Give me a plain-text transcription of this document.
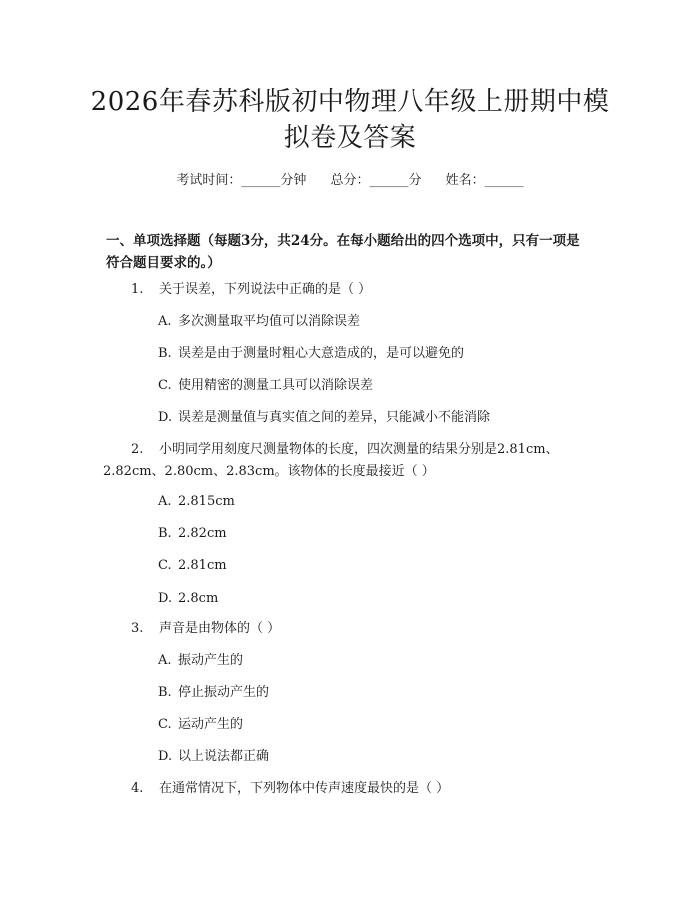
2026年春苏科版初中物理八年级上册期中模
拟卷及答案
考试时间：______分钟 总分：______分 姓名：______
一、单项选择题（每题3分，共24分。在每小题给出的四个选项中，只有一项是
符合题目要求的。）
1. 关于误差，下列说法中正确的是（ ）
A. 多次测量取平均值可以消除误差
B. 误差是由于测量时粗心大意造成的，是可以避免的
C. 使用精密的测量工具可以消除误差
D. 误差是测量值与真实值之间的差异，只能减小不能消除
2. 小明同学用刻度尺测量物体的长度，四次测量的结果分别是2.81cm、
2.82cm、2.80cm、2.83cm。该物体的长度最接近（ ）
A. 2.815cm
B. 2.82cm
C. 2.81cm
D. 2.8cm
3. 声音是由物体的（ ）
A. 振动产生的
B. 停止振动产生的
C. 运动产生的
D. 以上说法都正确
4. 在通常情况下，下列物体中传声速度最快的是（ ）
